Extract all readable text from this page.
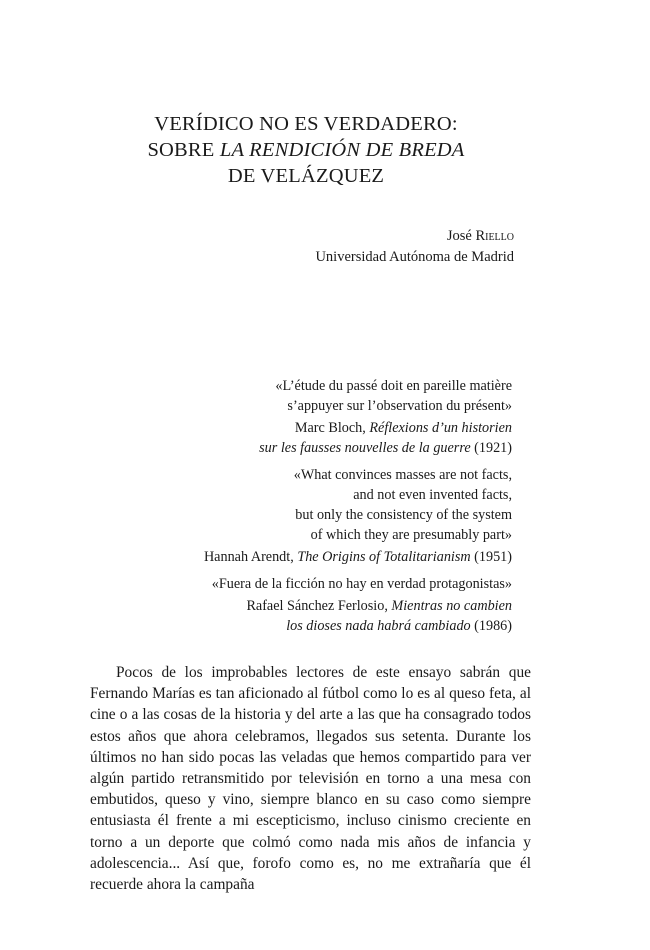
VERÍDICO NO ES VERDADERO:
SOBRE LA RENDICIÓN DE BREDA
DE VELÁZQUEZ
José Riello
Universidad Autónoma de Madrid

«L’étude du passé doit en pareille matière

s’appuyer sur l’observation du présent»

Marc Bloch, Réflexions d’un historien

sur les fausses nouvelles de la guerre (1921)

«What convinces masses are not facts,

and not even invented facts,

but only the consistency of the system

of which they are presumably part»

Hannah Arendt, The Origins of Totalitarianism (1951)

«Fuera de la ficción no hay en verdad protagonistas»

Rafael Sánchez Ferlosio, Mientras no cambien

los dioses nada habrá cambiado (1986)

Pocos de los improbables lectores de este ensayo sabrán que Fernando Marías es tan aficionado al fútbol como lo es al queso feta, al cine o a las cosas de la historia y del arte a las que ha consagrado todos estos años que ahora celebramos, llegados sus setenta. Durante los últimos no han sido pocas las veladas que hemos compartido para ver algún partido retransmitido por televisión en torno a una mesa con embutidos, queso y vino, siempre blanco en su caso como siempre entusiasta él frente a mi escepticismo, incluso cinismo creciente en torno a un deporte que colmó como nada mis años de infancia y adolescencia... Así que, forofo como es, no me extrañaría que él recuerde ahora la campaña
